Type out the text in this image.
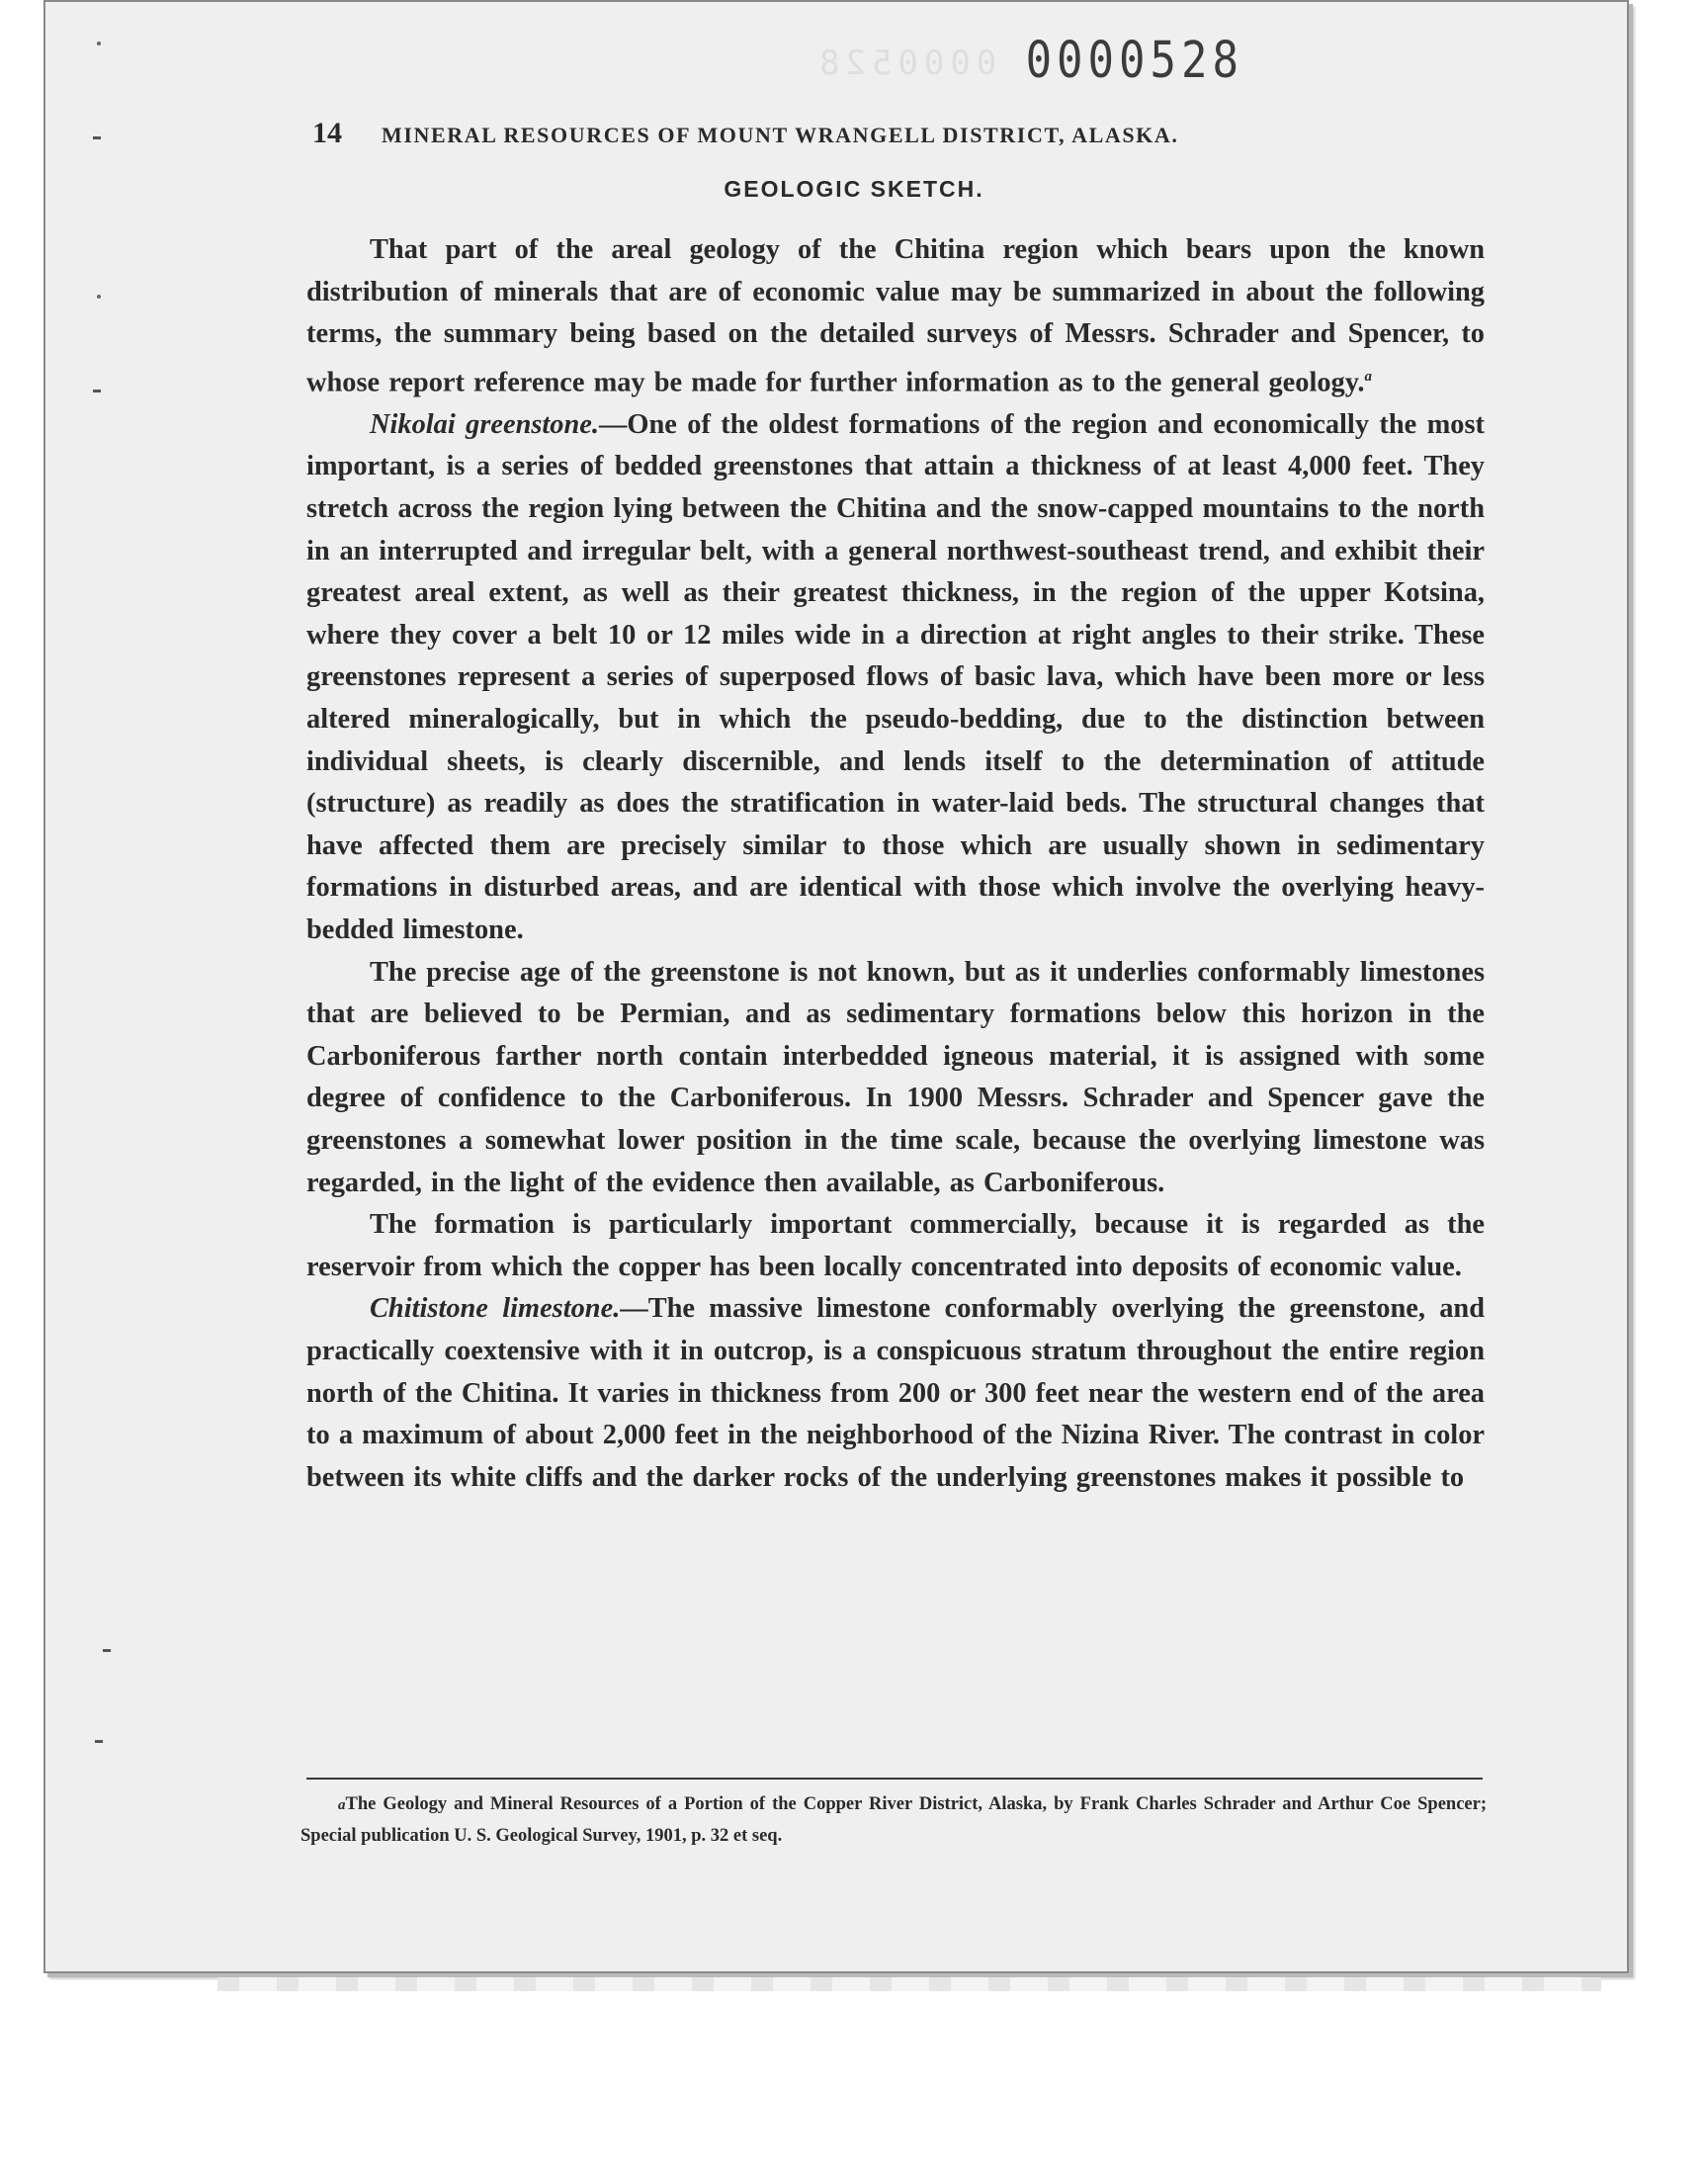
0000528 0000528
14 MINERAL RESOURCES OF MOUNT WRANGELL DISTRICT, ALASKA.
GEOLOGIC SKETCH.

That part of the areal geology of the Chitina region which bears upon the known distribution of minerals that are of economic value may be summarized in about the following terms, the summary being based on the detailed surveys of Messrs. Schrader and Spencer, to whose report reference may be made for further information as to the general geology.$^a$

Nikolai greenstone.—One of the oldest formations of the region and economically the most important, is a series of bedded greenstones that attain a thickness of at least 4,000 feet. They stretch across the region lying between the Chitina and the snow-capped mountains to the north in an interrupted and irregular belt, with a general northwest-southeast trend, and exhibit their greatest areal extent, as well as their greatest thickness, in the region of the upper Kotsina, where they cover a belt 10 or 12 miles wide in a direction at right angles to their strike. These greenstones represent a series of superposed flows of basic lava, which have been more or less altered mineralogically, but in which the pseudo-bedding, due to the distinction between individual sheets, is clearly discernible, and lends itself to the determination of attitude (structure) as readily as does the stratification in water-laid beds. The structural changes that have affected them are precisely similar to those which are usually shown in sedimentary formations in disturbed areas, and are identical with those which involve the overlying heavy-bedded limestone.

The precise age of the greenstone is not known, but as it underlies conformably limestones that are believed to be Permian, and as sedimentary formations below this horizon in the Carboniferous farther north contain interbedded igneous material, it is assigned with some degree of confidence to the Carboniferous. In 1900 Messrs. Schrader and Spencer gave the greenstones a somewhat lower position in the time scale, because the overlying limestone was regarded, in the light of the evidence then available, as Carboniferous.

The formation is particularly important commercially, because it is regarded as the reservoir from which the copper has been locally concentrated into deposits of economic value.

Chitistone limestone.—The massive limestone conformably overlying the greenstone, and practically coextensive with it in outcrop, is a conspicuous stratum throughout the entire region north of the Chitina. It varies in thickness from 200 or 300 feet near the western end of the area to a maximum of about 2,000 feet in the neighborhood of the Nizina River. The contrast in color between its white cliffs and the darker rocks of the underlying greenstones makes it possible to

aThe Geology and Mineral Resources of a Portion of the Copper River District, Alaska, by Frank Charles Schrader and Arthur Coe Spencer; Special publication U. S. Geological Survey, 1901, p. 32 et seq.
